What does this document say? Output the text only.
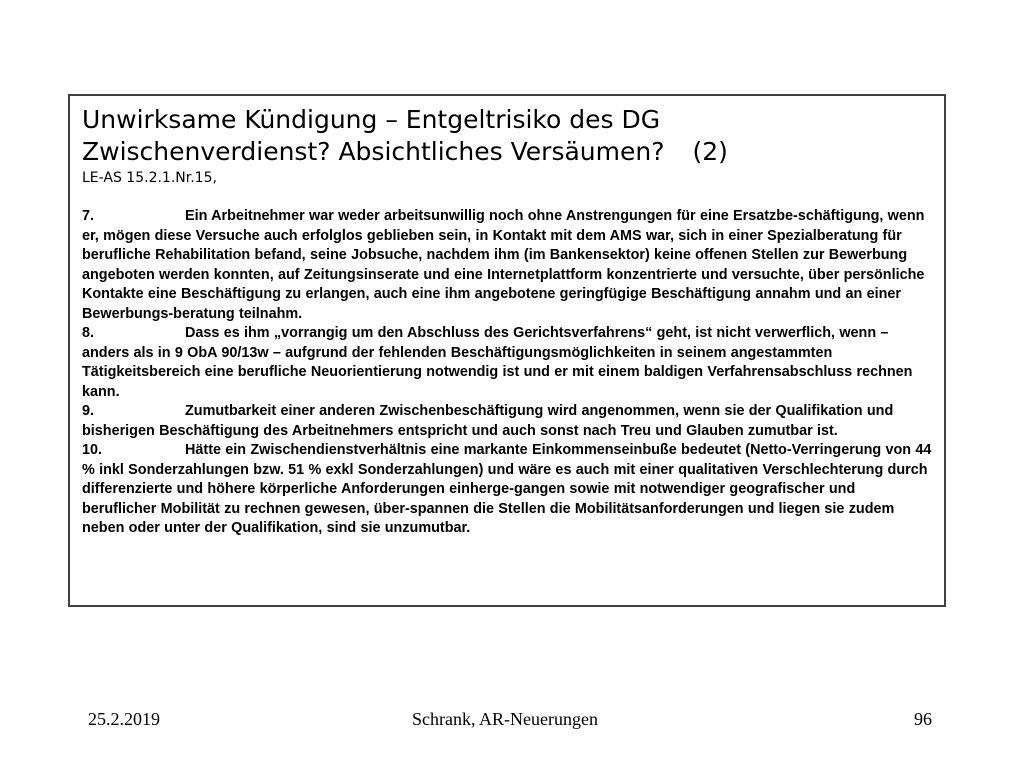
Unwirksame Kündigung – Entgeltrisiko des DG
Zwischenverdienst? Absichtliches Versäumen? (2)

LE-AS 15.2.1.Nr.15,

7.	Ein Arbeitnehmer war weder arbeitsunwillig noch ohne Anstrengungen für eine Ersatzbe-schäftigung, wenn er, mögen diese Versuche auch erfolglos geblieben sein, in Kontakt mit dem AMS war, sich in einer Spezialberatung für berufliche Rehabilitation befand, seine Jobsuche, nachdem ihm (im Bankensektor) keine offenen Stellen zur Bewerbung angeboten werden konnten, auf Zeitungsinserate und eine Internetplattform konzentrierte und versuchte, über persönliche Kontakte eine Beschäftigung zu erlangen, auch eine ihm angebotene geringfügige Beschäftigung annahm und an einer Bewerbungs-beratung teilnahm.

8.	Dass es ihm „vorrangig um den Abschluss des Gerichtsverfahrens“ geht, ist nicht verwerflich, wenn – anders als in 9 ObA 90/13w – aufgrund der fehlenden Beschäftigungsmöglichkeiten in seinem angestammten Tätigkeitsbereich eine berufliche Neuorientierung notwendig ist und er mit einem baldigen Verfahrensabschluss rechnen kann.

9.	Zumutbarkeit einer anderen Zwischenbeschäftigung wird angenommen, wenn sie der Qualifikation und bisherigen Beschäftigung des Arbeitnehmers entspricht und auch sonst nach Treu und Glauben zumutbar ist.

10.	Hätte ein Zwischendienstverhältnis eine markante Einkommenseinbuße bedeutet (Netto-Verringerung von 44 % inkl Sonderzahlungen bzw. 51 % exkl Sonderzahlungen) und wäre es auch mit einer qualitativen Verschlechterung durch differenzierte und höhere körperliche Anforderungen einherge-gangen sowie mit notwendiger geografischer und beruflicher Mobilität zu rechnen gewesen, über-spannen die Stellen die Mobilitätsanforderungen und liegen sie zudem neben oder unter der Qualifikation, sind sie unzumutbar.

25.2.2019	Schrank, AR-Neuerungen	96
